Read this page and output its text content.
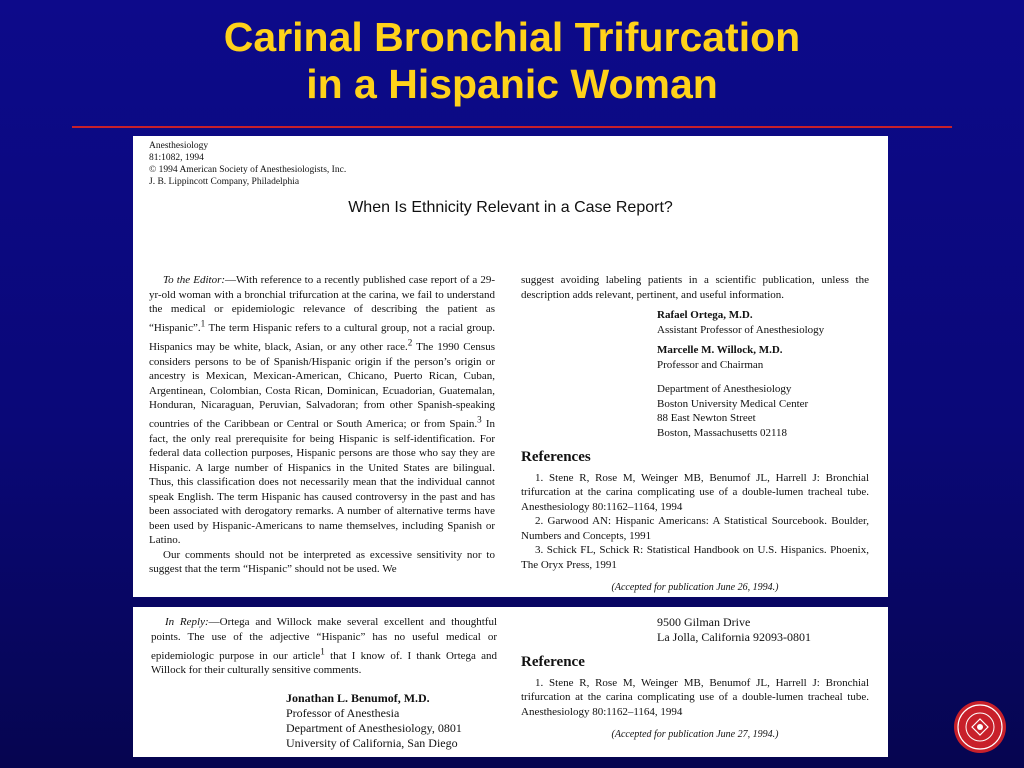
Carinal Bronchial Trifurcation
in a Hispanic Woman
Anesthesiology
81:1082, 1994
© 1994 American Society of Anesthesiologists, Inc.
J. B. Lippincott Company, Philadelphia
When Is Ethnicity Relevant in a Case Report?

To the Editor:—With reference to a recently published case report of a 29-yr-old woman with a bronchial trifurcation at the carina, we fail to understand the medical or epidemiologic relevance of describing the patient as “Hispanic”.$^1$ The term Hispanic refers to a cultural group, not a racial group. Hispanics may be white, black, Asian, or any other race.$^2$ The 1990 Census considers persons to be of Spanish/Hispanic origin if the person’s origin or ancestry is Mexican, Mexican-American, Chicano, Puerto Rican, Cuban, Argentinean, Colombian, Costa Rican, Dominican, Ecuadorian, Guatemalan, Honduran, Nicaraguan, Peruvian, Salvadoran; from other Spanish-speaking countries of the Caribbean or Central or South America; or from Spain.$^3$ In fact, the only real prerequisite for being Hispanic is self-identification. For federal data collection purposes, Hispanic persons are those who say they are Hispanic. A large number of Hispanics in the United States are bilingual. Thus, this classification does not necessarily mean that the individual cannot speak English. The term Hispanic has caused controversy in the past and has been associated with derogatory remarks. A number of alternative terms have been used by Hispanic-Americans to name themselves, including Spanish or Latino.

Our comments should not be interpreted as excessive sensitivity nor to suggest that the term “Hispanic” should not be used. We

suggest avoiding labeling patients in a scientific publication, unless the description adds relevant, pertinent, and useful information.

Rafael Ortega, M.D.
Assistant Professor of Anesthesiology
Marcelle M. Willock, M.D.
Professor and Chairman
Department of Anesthesiology
Boston University Medical Center
88 East Newton Street
Boston, Massachusetts 02118
References

1. Stene R, Rose M, Weinger MB, Benumof JL, Harrell J: Bronchial trifurcation at the carina complicating use of a double-lumen tracheal tube. Anesthesiology 80:1162–1164, 1994

2. Garwood AN: Hispanic Americans: A Statistical Sourcebook. Boulder, Numbers and Concepts, 1991

3. Schick FL, Schick R: Statistical Handbook on U.S. Hispanics. Phoenix, The Oryx Press, 1991

(Accepted for publication June 26, 1994.)

In Reply:—Ortega and Willock make several excellent and thoughtful points. The use of the adjective “Hispanic” has no useful medical or epidemiologic purpose in our article$^1$ that I know of. I thank Ortega and Willock for their culturally sensitive comments.

Jonathan L. Benumof, M.D.
Professor of Anesthesia
Department of Anesthesiology, 0801
University of California, San Diego
9500 Gilman Drive
La Jolla, California 92093-0801
Reference

1. Stene R, Rose M, Weinger MB, Benumof JL, Harrell J: Bronchial trifurcation at the carina complicating use of a double-lumen tracheal tube. Anesthesiology 80:1162–1164, 1994

(Accepted for publication June 27, 1994.)
